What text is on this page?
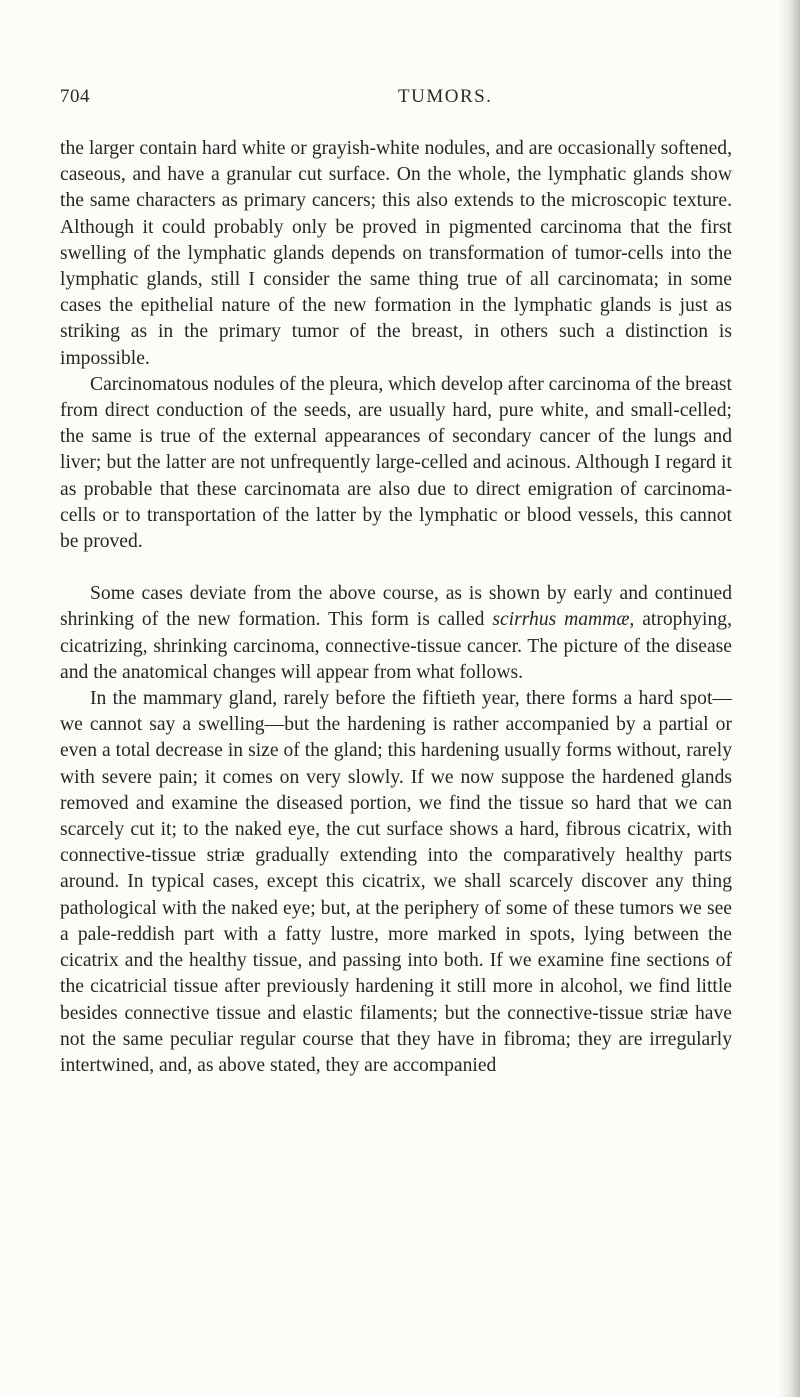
704	TUMORS.

the larger contain hard white or grayish-white nodules, and are occasionally softened, caseous, and have a granular cut surface. On the whole, the lymphatic glands show the same characters as primary cancers; this also extends to the microscopic texture. Although it could probably only be proved in pigmented carcinoma that the first swelling of the lymphatic glands depends on transformation of tumor-cells into the lymphatic glands, still I consider the same thing true of all carcinomata; in some cases the epithelial nature of the new formation in the lymphatic glands is just as striking as in the primary tumor of the breast, in others such a distinction is impossible.

Carcinomatous nodules of the pleura, which develop after carcinoma of the breast from direct conduction of the seeds, are usually hard, pure white, and small-celled; the same is true of the external appearances of secondary cancer of the lungs and liver; but the latter are not unfrequently large-celled and acinous. Although I regard it as probable that these carcinomata are also due to direct emigration of carcinoma-cells or to transportation of the latter by the lymphatic or blood vessels, this cannot be proved.

Some cases deviate from the above course, as is shown by early and continued shrinking of the new formation. This form is called scirrhus mammæ, atrophying, cicatrizing, shrinking carcinoma, connective-tissue cancer. The picture of the disease and the anatomical changes will appear from what follows.

In the mammary gland, rarely before the fiftieth year, there forms a hard spot—we cannot say a swelling—but the hardening is rather accompanied by a partial or even a total decrease in size of the gland; this hardening usually forms without, rarely with severe pain; it comes on very slowly. If we now suppose the hardened glands removed and examine the diseased portion, we find the tissue so hard that we can scarcely cut it; to the naked eye, the cut surface shows a hard, fibrous cicatrix, with connective-tissue striæ gradually extending into the comparatively healthy parts around. In typical cases, except this cicatrix, we shall scarcely discover any thing pathological with the naked eye; but, at the periphery of some of these tumors we see a pale-reddish part with a fatty lustre, more marked in spots, lying between the cicatrix and the healthy tissue, and passing into both. If we examine fine sections of the cicatricial tissue after previously hardening it still more in alcohol, we find little besides connective tissue and elastic filaments; but the connective-tissue striæ have not the same peculiar regular course that they have in fibroma; they are irregularly intertwined, and, as above stated, they are accompanied
